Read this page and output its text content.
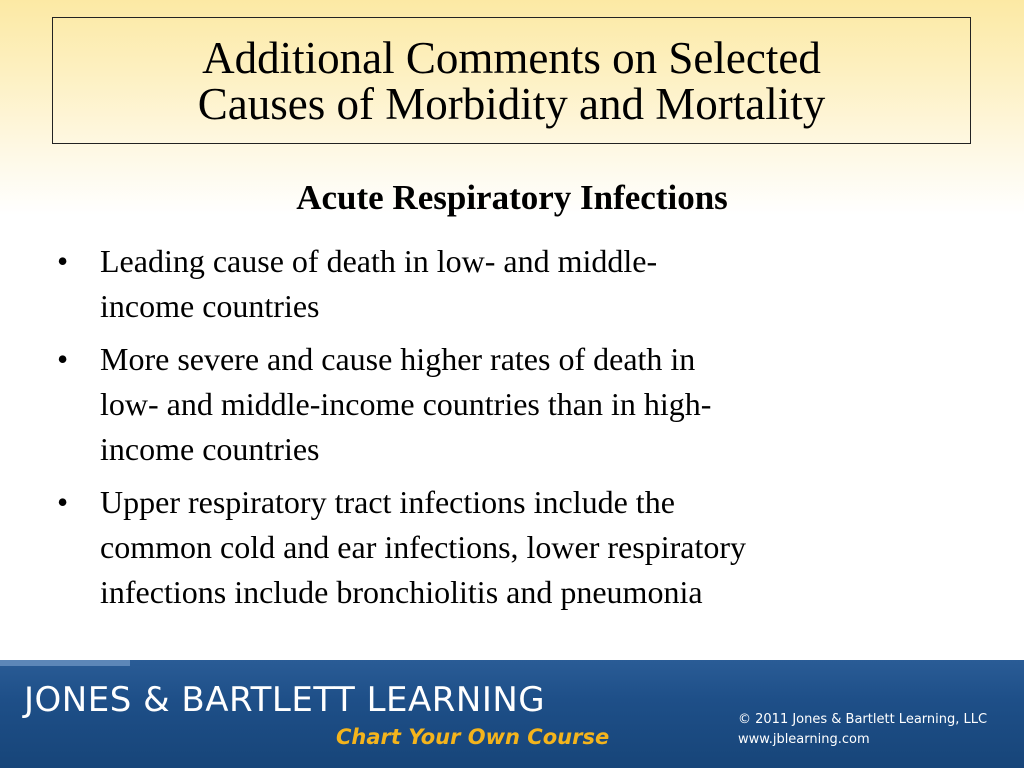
Additional Comments on Selected
Causes of Morbidity and Mortality
Acute Respiratory Infections
• Leading cause of death in low- and middle-
income countries
• More severe and cause higher rates of death in
low- and middle-income countries than in high-
income countries
• Upper respiratory tract infections include the
common cold and ear infections, lower respiratory
infections include bronchiolitis and pneumonia
JONES & BARTLETT LEARNING
Chart Your Own Course
© 2011 Jones & Bartlett Learning, LLC
www.jblearning.com
